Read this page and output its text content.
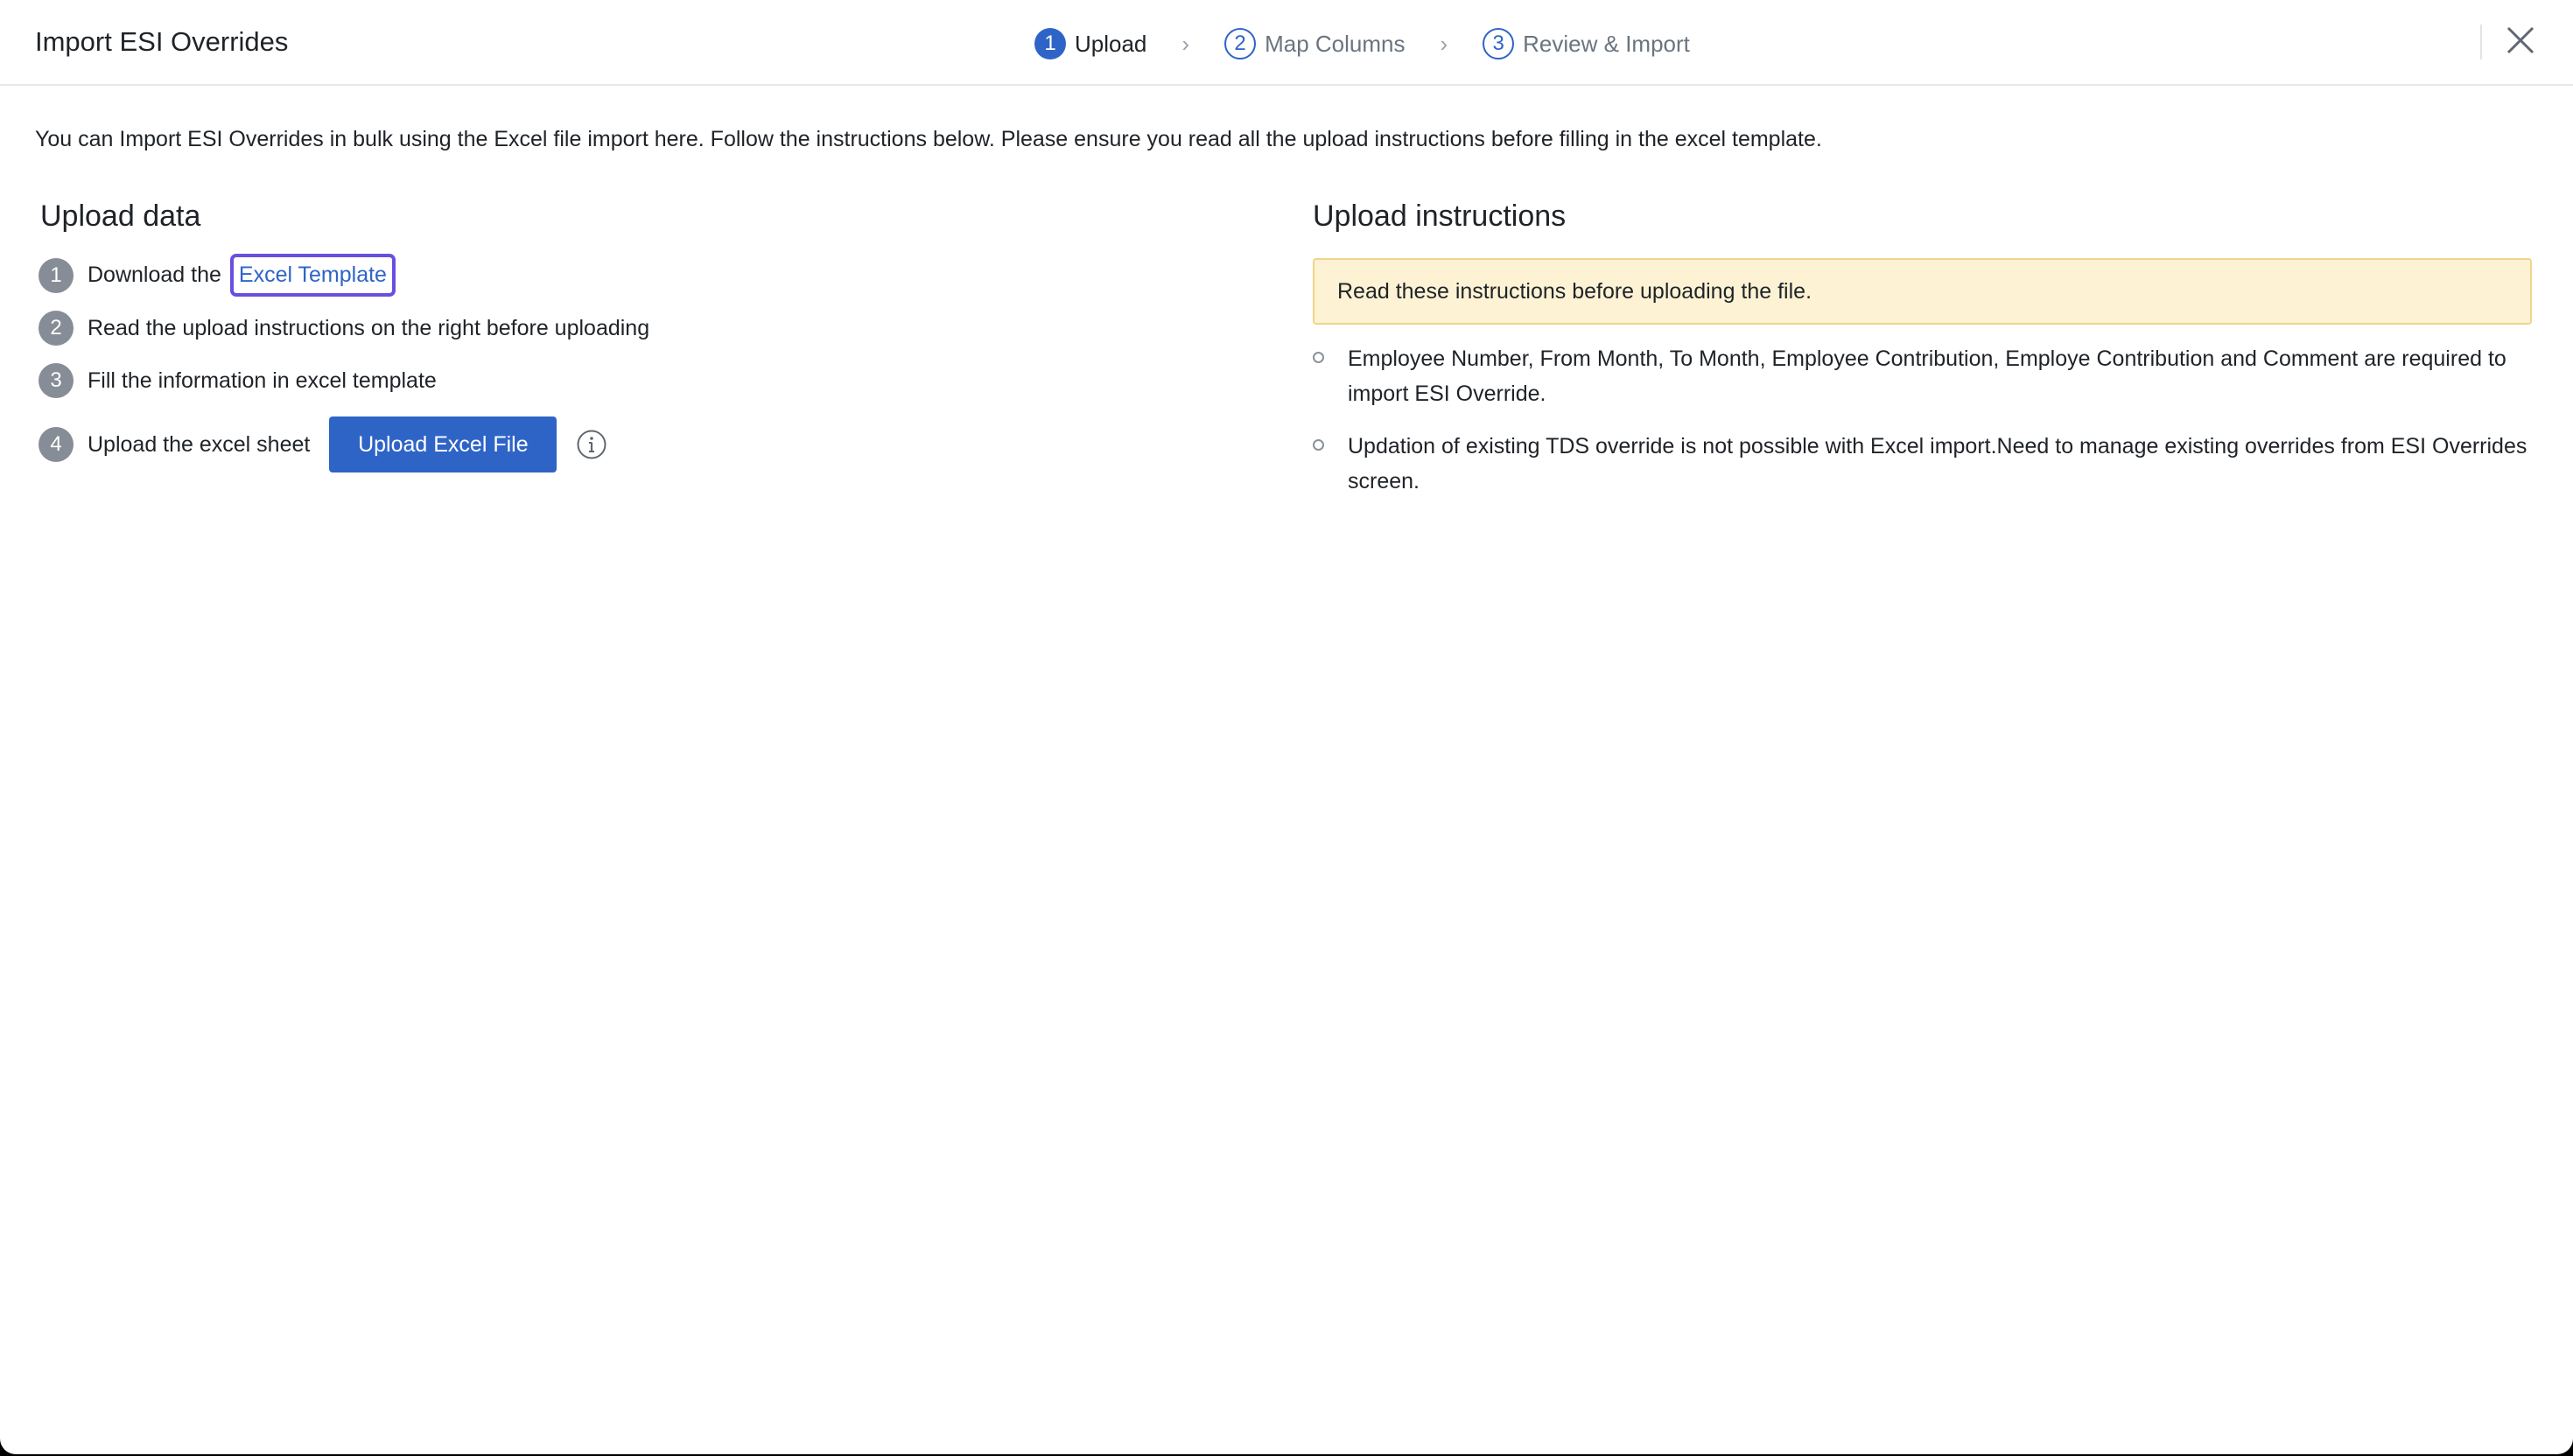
Import ESI Overrides	1 Upload ›	2 Map Columns ›	3 Review & Import
You can Import ESI Overrides in bulk using the Excel file import here. Follow the instructions below. Please ensure you read all the upload instructions before filling in the excel template.
Upload data
1	Download the Excel Template
2	Read the upload instructions on the right before uploading
3	Fill the information in excel template
4	Upload the excel sheet	Upload Excel File
Upload instructions
Read these instructions before uploading the file.
Employee Number, From Month, To Month, Employee Contribution, Employe Contribution and Comment are required to import ESI Override.
Updation of existing TDS override is not possible with Excel import.Need to manage existing overrides from ESI Overrides screen.
